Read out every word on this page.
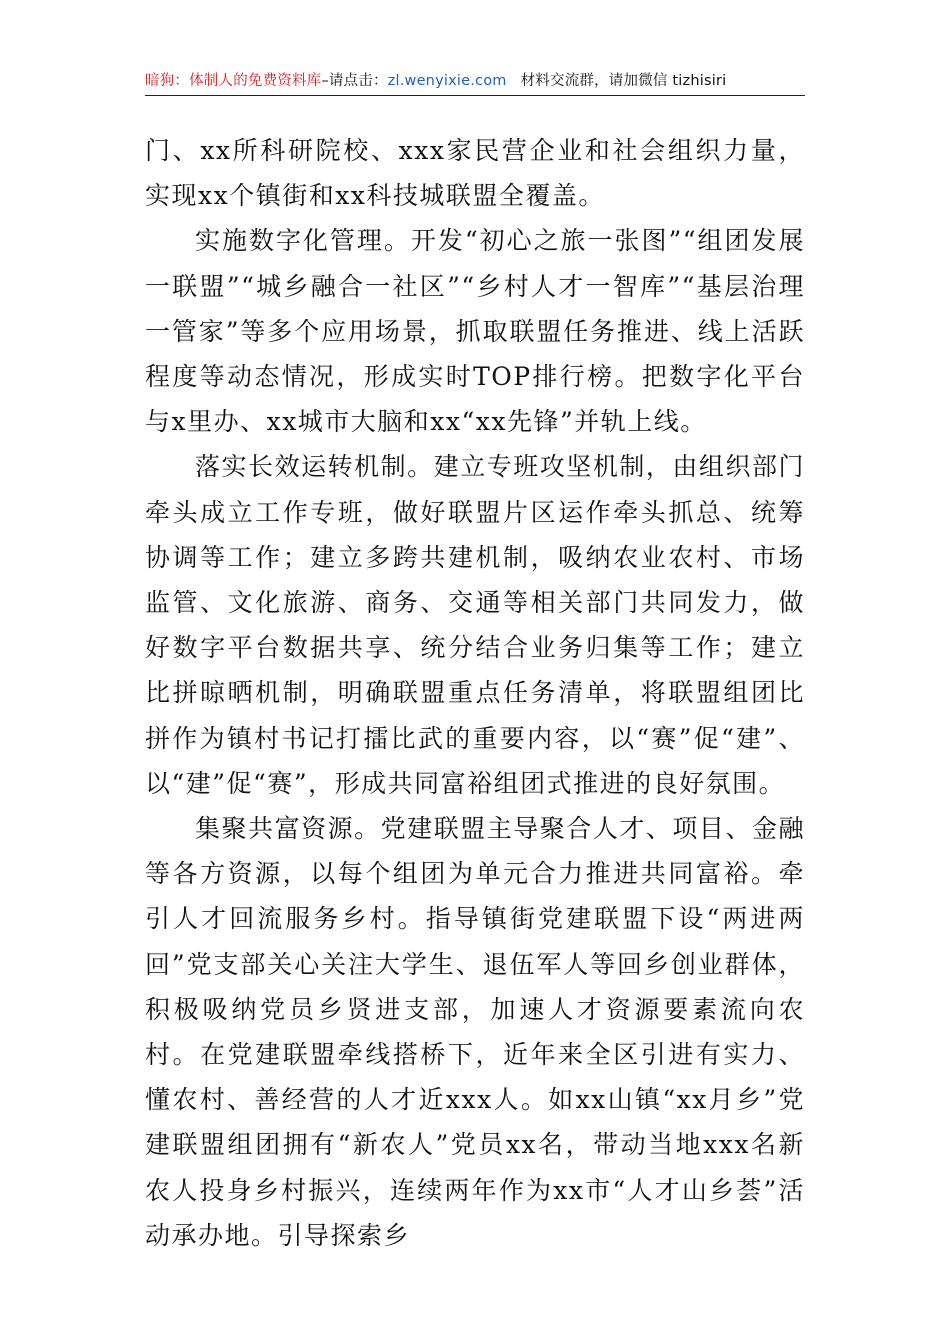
暗狗：体制人的免费资料库–请点击：zl.wenyixie.com 材料交流群，请加微信 tizhisiri

门、xx所科研院校、xxx家民营企业和社会组织力量，实现xx个镇街和xx科技城联盟全覆盖。

实施数字化管理。开发“初心之旅一张图”“组团发展一联盟”“城乡融合一社区”“乡村人才一智库”“基层治理一管家”等多个应用场景，抓取联盟任务推进、线上活跃程度等动态情况，形成实时TOP排行榜。把数字化平台与x里办、xx城市大脑和xx“xx先锋”并轨上线。

落实长效运转机制。建立专班攻坚机制，由组织部门牵头成立工作专班，做好联盟片区运作牵头抓总、统筹协调等工作；建立多跨共建机制，吸纳农业农村、市场监管、文化旅游、商务、交通等相关部门共同发力，做好数字平台数据共享、统分结合业务归集等工作；建立比拼晾晒机制，明确联盟重点任务清单，将联盟组团比拼作为镇村书记打擂比武的重要内容，以“赛”促“建”、以“建”促“赛”，形成共同富裕组团式推进的良好氛围。

集聚共富资源。党建联盟主导聚合人才、项目、金融等各方资源，以每个组团为单元合力推进共同富裕。牵引人才回流服务乡村。指导镇街党建联盟下设“两进两回”党支部关心关注大学生、退伍军人等回乡创业群体，积极吸纳党员乡贤进支部，加速人才资源要素流向农村。在党建联盟牵线搭桥下，近年来全区引进有实力、懂农村、善经营的人才近xxx人。如xx山镇“xx月乡”党建联盟组团拥有“新农人”党员xx名，带动当地xxx名新农人投身乡村振兴，连续两年作为xx市“人才山乡荟”活动承办地。引导探索乡
